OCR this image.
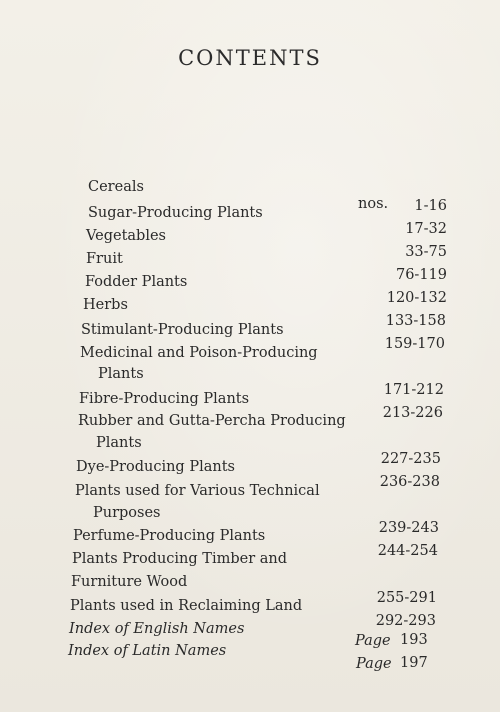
CONTENTS
Cereals
Sugar-Producing Plants
Vegetables
Fruit
Fodder Plants
Herbs
Stimulant-Producing Plants
Medicinal and Poison-Producing
Plants
Fibre-Producing Plants
Rubber and Gutta-Percha Producing
Plants
Dye-Producing Plants
Plants used for Various Technical
Purposes
Perfume-Producing Plants
Plants Producing Timber and
Furniture Wood
Plants used in Reclaiming Land
Index of English Names
Index of Latin Names
nos. 1-16
17-32
33-75
76-119
120-132
133-158
159-170
171-212
213-226
227-235
236-238
239-243
244-254
255-291
292-293
Page 193
Page 197
